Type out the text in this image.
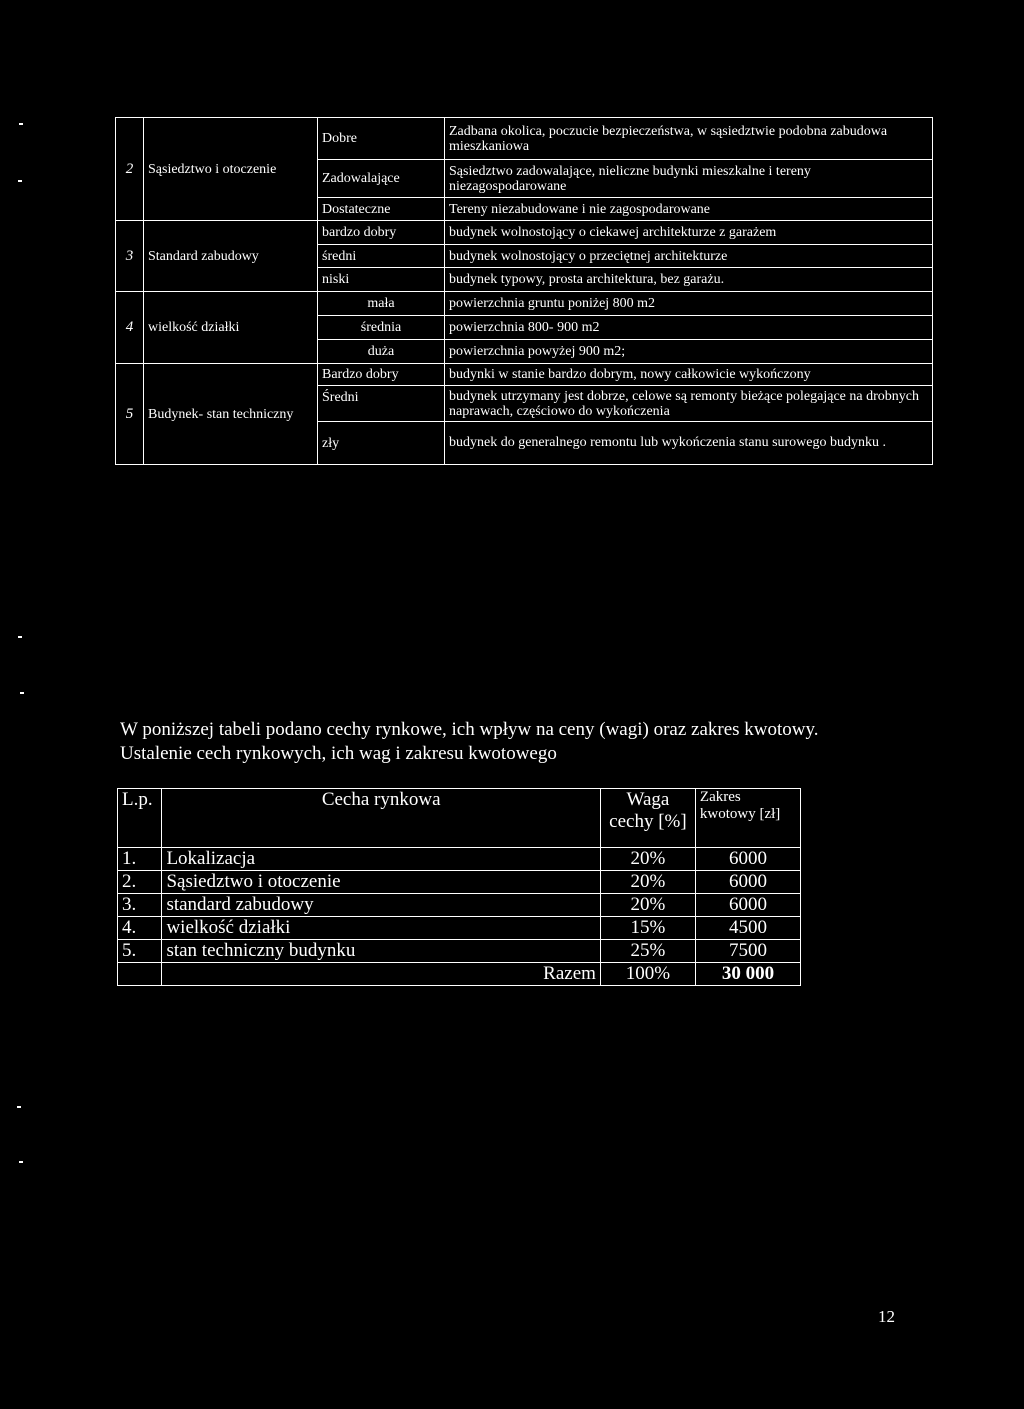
2	Sąsiedztwo i otoczenie	Dobre	Zadbana okolica, poczucie bezpieczeństwa, w sąsiedztwie podobna zabudowa mieszkaniowa
		Zadowalające	Sąsiedztwo zadowalające, nieliczne budynki mieszkalne i tereny niezagospodarowane
		Dostateczne	Tereny niezabudowane i nie zagospodarowane
3	Standard zabudowy	bardzo dobry	budynek wolnostojący o ciekawej architekturze z garażem
		średni	budynek wolnostojący o przeciętnej architekturze
		niski	budynek typowy, prosta architektura, bez garażu.
4	wielkość działki	mała	powierzchnia gruntu poniżej 800 m2
		średnia	powierzchnia 800- 900 m2
		duża	powierzchnia powyżej 900 m2;
5	Budynek- stan techniczny	Bardzo dobry	budynki w stanie bardzo dobrym, nowy całkowicie wykończony
		Średni	budynek utrzymany jest dobrze, celowe są remonty bieżące polegające na drobnych naprawach, częściowo do wykończenia
		zły	budynek do generalnego remontu lub wykończenia stanu surowego budynku .
W poniższej tabeli podano cechy rynkowe, ich wpływ na ceny (wagi) oraz zakres kwotowy.
Ustalenie cech rynkowych, ich wag i zakresu kwotowego
L.p.	Cecha rynkowa	Waga cechy [%]	Zakres kwotowy [zł]
1.	Lokalizacja	20%	6000
2.	Sąsiedztwo i otoczenie	20%	6000
3.	standard zabudowy	20%	6000
4.	wielkość działki	15%	4500
5.	stan techniczny budynku	25%	7500
	Razem	100%	30 000
12
